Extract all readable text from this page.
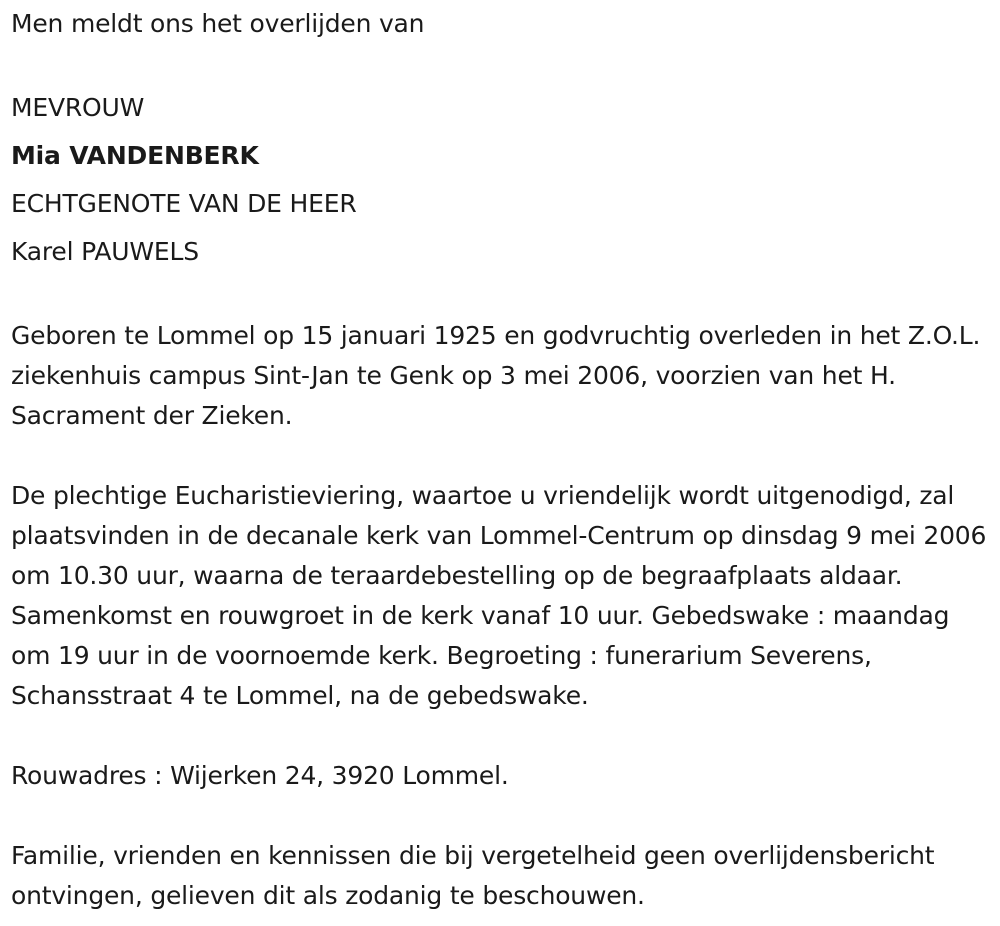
Men meldt ons het overlijden van

MEVROUW
Mia VANDENBERK
ECHTGENOTE VAN DE HEER
Karel PAUWELS

Geboren te Lommel op 15 januari 1925 en godvruchtig overleden in het Z.O.L. ziekenhuis campus Sint-Jan te Genk op 3 mei 2006, voorzien van het H. Sacrament der Zieken.

De plechtige Eucharistieviering, waartoe u vriendelijk wordt uitgenodigd, zal plaatsvinden in de decanale kerk van Lommel-Centrum op dinsdag 9 mei 2006 om 10.30 uur, waarna de teraardebestelling op de begraafplaats aldaar. Samenkomst en rouwgroet in de kerk vanaf 10 uur. Gebedswake : maandag om 19 uur in de voornoemde kerk. Begroeting : funerarium Severens, Schansstraat 4 te Lommel, na de gebedswake.

Rouwadres : Wijerken 24, 3920 Lommel.

Familie, vrienden en kennissen die bij vergetelheid geen overlijdensbericht ontvingen, gelieven dit als zodanig te beschouwen.
